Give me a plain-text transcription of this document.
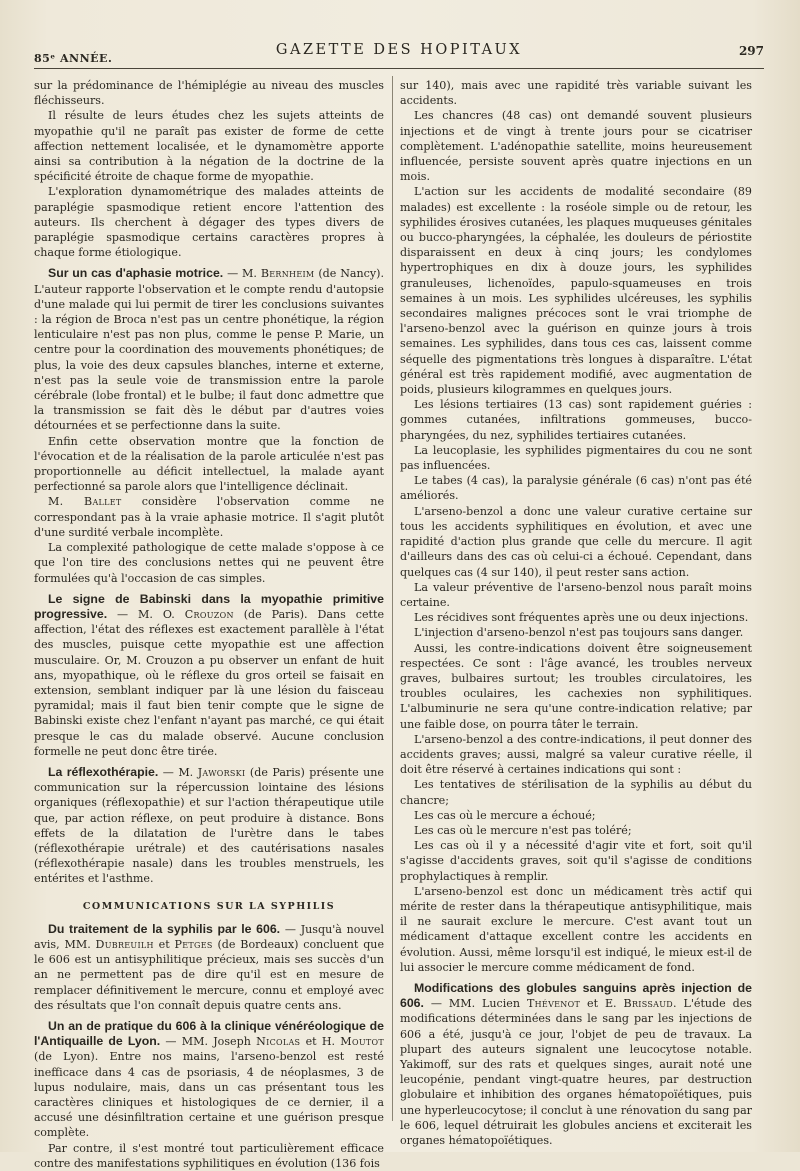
85ᵉ ANNÉE.
GAZETTE DES HOPITAUX	297

sur la prédominance de l'hémiplégie au niveau des muscles fléchisseurs.

Il résulte de leurs études chez les sujets atteints de myopathie qu'il ne paraît pas exister de forme de cette affection nettement localisée, et le dynamomètre apporte ainsi sa contribution à la négation de la doctrine de la spécificité étroite de chaque forme de myopathie.

L'exploration dynamométrique des malades atteints de paraplégie spasmodique retient encore l'attention des auteurs. Ils cherchent à dégager des types divers de paraplégie spasmodique certains caractères propres à chaque forme étiologique.

Sur un cas d'aphasie motrice. — M. Bernheim (de Nancy). L'auteur rapporte l'observation et le compte rendu d'autopsie d'une malade qui lui permit de tirer les conclusions suivantes : la région de Broca n'est pas un centre phonétique, la région lenticulaire n'est pas non plus, comme le pense P. Marie, un centre pour la coordination des mouvements phonétiques; de plus, la voie des deux capsules blanches, interne et externe, n'est pas la seule voie de transmission entre la parole cérébrale (lobe frontal) et le bulbe; il faut donc admettre que la transmission se fait dès le début par d'autres voies détournées et se perfectionne dans la suite.

Enfin cette observation montre que la fonction de l'évocation et de la réalisation de la parole articulée n'est pas proportionnelle au déficit intellectuel, la malade ayant perfectionné sa parole alors que l'intelligence déclinait.

M. Ballet considère l'observation comme ne correspondant pas à la vraie aphasie motrice. Il s'agit plutôt d'une surdité verbale incomplète.

La complexité pathologique de cette malade s'oppose à ce que l'on tire des conclusions nettes qui ne peuvent être formulées qu'à l'occasion de cas simples.

Le signe de Babinski dans la myopathie primitive progressive. — M. O. Crouzon (de Paris). Dans cette affection, l'état des réflexes est exactement parallèle à l'état des muscles, puisque cette myopathie est une affection musculaire. Or, M. Crouzon a pu observer un enfant de huit ans, myopathique, où le réflexe du gros orteil se faisait en extension, semblant indiquer par là une lésion du faisceau pyramidal; mais il faut bien tenir compte que le signe de Babinski existe chez l'enfant n'ayant pas marché, ce qui était presque le cas du malade observé. Aucune conclusion formelle ne peut donc être tirée.

La réflexothérapie. — M. Jaworski (de Paris) présente une communication sur la répercussion lointaine des lésions organiques (réflexopathie) et sur l'action thérapeutique utile que, par action réflexe, on peut produire à distance. Bons effets de la dilatation de l'urètre dans le tabes (réflexothérapie urétrale) et des cautérisations nasales (réflexothérapie nasale) dans les troubles menstruels, les entérites et l'asthme.

COMMUNICATIONS SUR LA SYPHILIS

Du traitement de la syphilis par le 606. — Jusqu'à nouvel avis, MM. Dubreuilh et Petges (de Bordeaux) concluent que le 606 est un antisyphilitique précieux, mais ses succès d'un an ne permettent pas de dire qu'il est en mesure de remplacer définitivement le mercure, connu et employé avec des résultats que l'on connaît depuis quatre cents ans.

Un an de pratique du 606 à la clinique vénéréologique de l'Antiquaille de Lyon. — MM. Joseph Nicolas et H. Moutot (de Lyon). Entre nos mains, l'arseno-benzol est resté inefficace dans 4 cas de psoriasis, 4 de néoplasmes, 3 de lupus nodulaire, mais, dans un cas présentant tous les caractères cliniques et histologiques de ce dernier, il a accusé une désinfiltration certaine et une guérison presque complète.

Par contre, il s'est montré tout particulièrement efficace contre des manifestations syphilitiques en évolution (136 fois

sur 140), mais avec une rapidité très variable suivant les accidents.

Les chancres (48 cas) ont demandé souvent plusieurs injections et de vingt à trente jours pour se cicatriser complètement. L'adénopathie satellite, moins heureusement influencée, persiste souvent après quatre injections en un mois.

L'action sur les accidents de modalité secondaire (89 malades) est excellente : la roséole simple ou de retour, les syphilides érosives cutanées, les plaques muqueuses génitales ou bucco-pharyngées, la céphalée, les douleurs de périostite disparaissent en deux à cinq jours; les condylomes hypertrophiques en dix à douze jours, les syphilides granuleuses, lichenoïdes, papulo-squameuses en trois semaines à un mois. Les syphilides ulcéreuses, les syphilis secondaires malignes précoces sont le vrai triomphe de l'arseno-benzol avec la guérison en quinze jours à trois semaines. Les syphilides, dans tous ces cas, laissent comme séquelle des pigmentations très longues à disparaître. L'état général est très rapidement modifié, avec augmentation de poids, plusieurs kilogrammes en quelques jours.

Les lésions tertiaires (13 cas) sont rapidement guéries : gommes cutanées, infiltrations gommeuses, bucco-pharyngées, du nez, syphilides tertiaires cutanées.

La leucoplasie, les syphilides pigmentaires du cou ne sont pas influencées.

Le tabes (4 cas), la paralysie générale (6 cas) n'ont pas été améliorés.

L'arseno-benzol a donc une valeur curative certaine sur tous les accidents syphilitiques en évolution, et avec une rapidité d'action plus grande que celle du mercure. Il agit d'ailleurs dans des cas où celui-ci a échoué. Cependant, dans quelques cas (4 sur 140), il peut rester sans action.

La valeur préventive de l'arseno-benzol nous paraît moins certaine.

Les récidives sont fréquentes après une ou deux injections.

L'injection d'arseno-benzol n'est pas toujours sans danger.

Aussi, les contre-indications doivent être soigneusement respectées. Ce sont : l'âge avancé, les troubles nerveux graves, bulbaires surtout; les troubles circulatoires, les troubles oculaires, les cachexies non syphilitiques. L'albuminurie ne sera qu'une contre-indication relative; par une faible dose, on pourra tâter le terrain.

L'arseno-benzol a des contre-indications, il peut donner des accidents graves; aussi, malgré sa valeur curative réelle, il doit être réservé à certaines indications qui sont :

Les tentatives de stérilisation de la syphilis au début du chancre;

Les cas où le mercure a échoué;

Les cas où le mercure n'est pas toléré;

Les cas où il y a nécessité d'agir vite et fort, soit qu'il s'agisse d'accidents graves, soit qu'il s'agisse de conditions prophylactiques à remplir.

L'arseno-benzol est donc un médicament très actif qui mérite de rester dans la thérapeutique antisyphilitique, mais il ne saurait exclure le mercure. C'est avant tout un médicament d'attaque excellent contre les accidents en évolution. Aussi, même lorsqu'il est indiqué, le mieux est-il de lui associer le mercure comme médicament de fond.

Modifications des globules sanguins après injection de 606. — MM. Lucien Thévenot et E. Brissaud. L'étude des modifications déterminées dans le sang par les injections de 606 a été, jusqu'à ce jour, l'objet de peu de travaux. La plupart des auteurs signalent une leucocytose notable. Yakimoff, sur des rats et quelques singes, aurait noté une leucopénie, pendant vingt-quatre heures, par destruction globulaire et inhibition des organes hématopoïétiques, puis une hyperleucocytose; il conclut à une rénovation du sang par le 606, lequel détruirait les globules anciens et exciterait les organes hématopoïétiques.
